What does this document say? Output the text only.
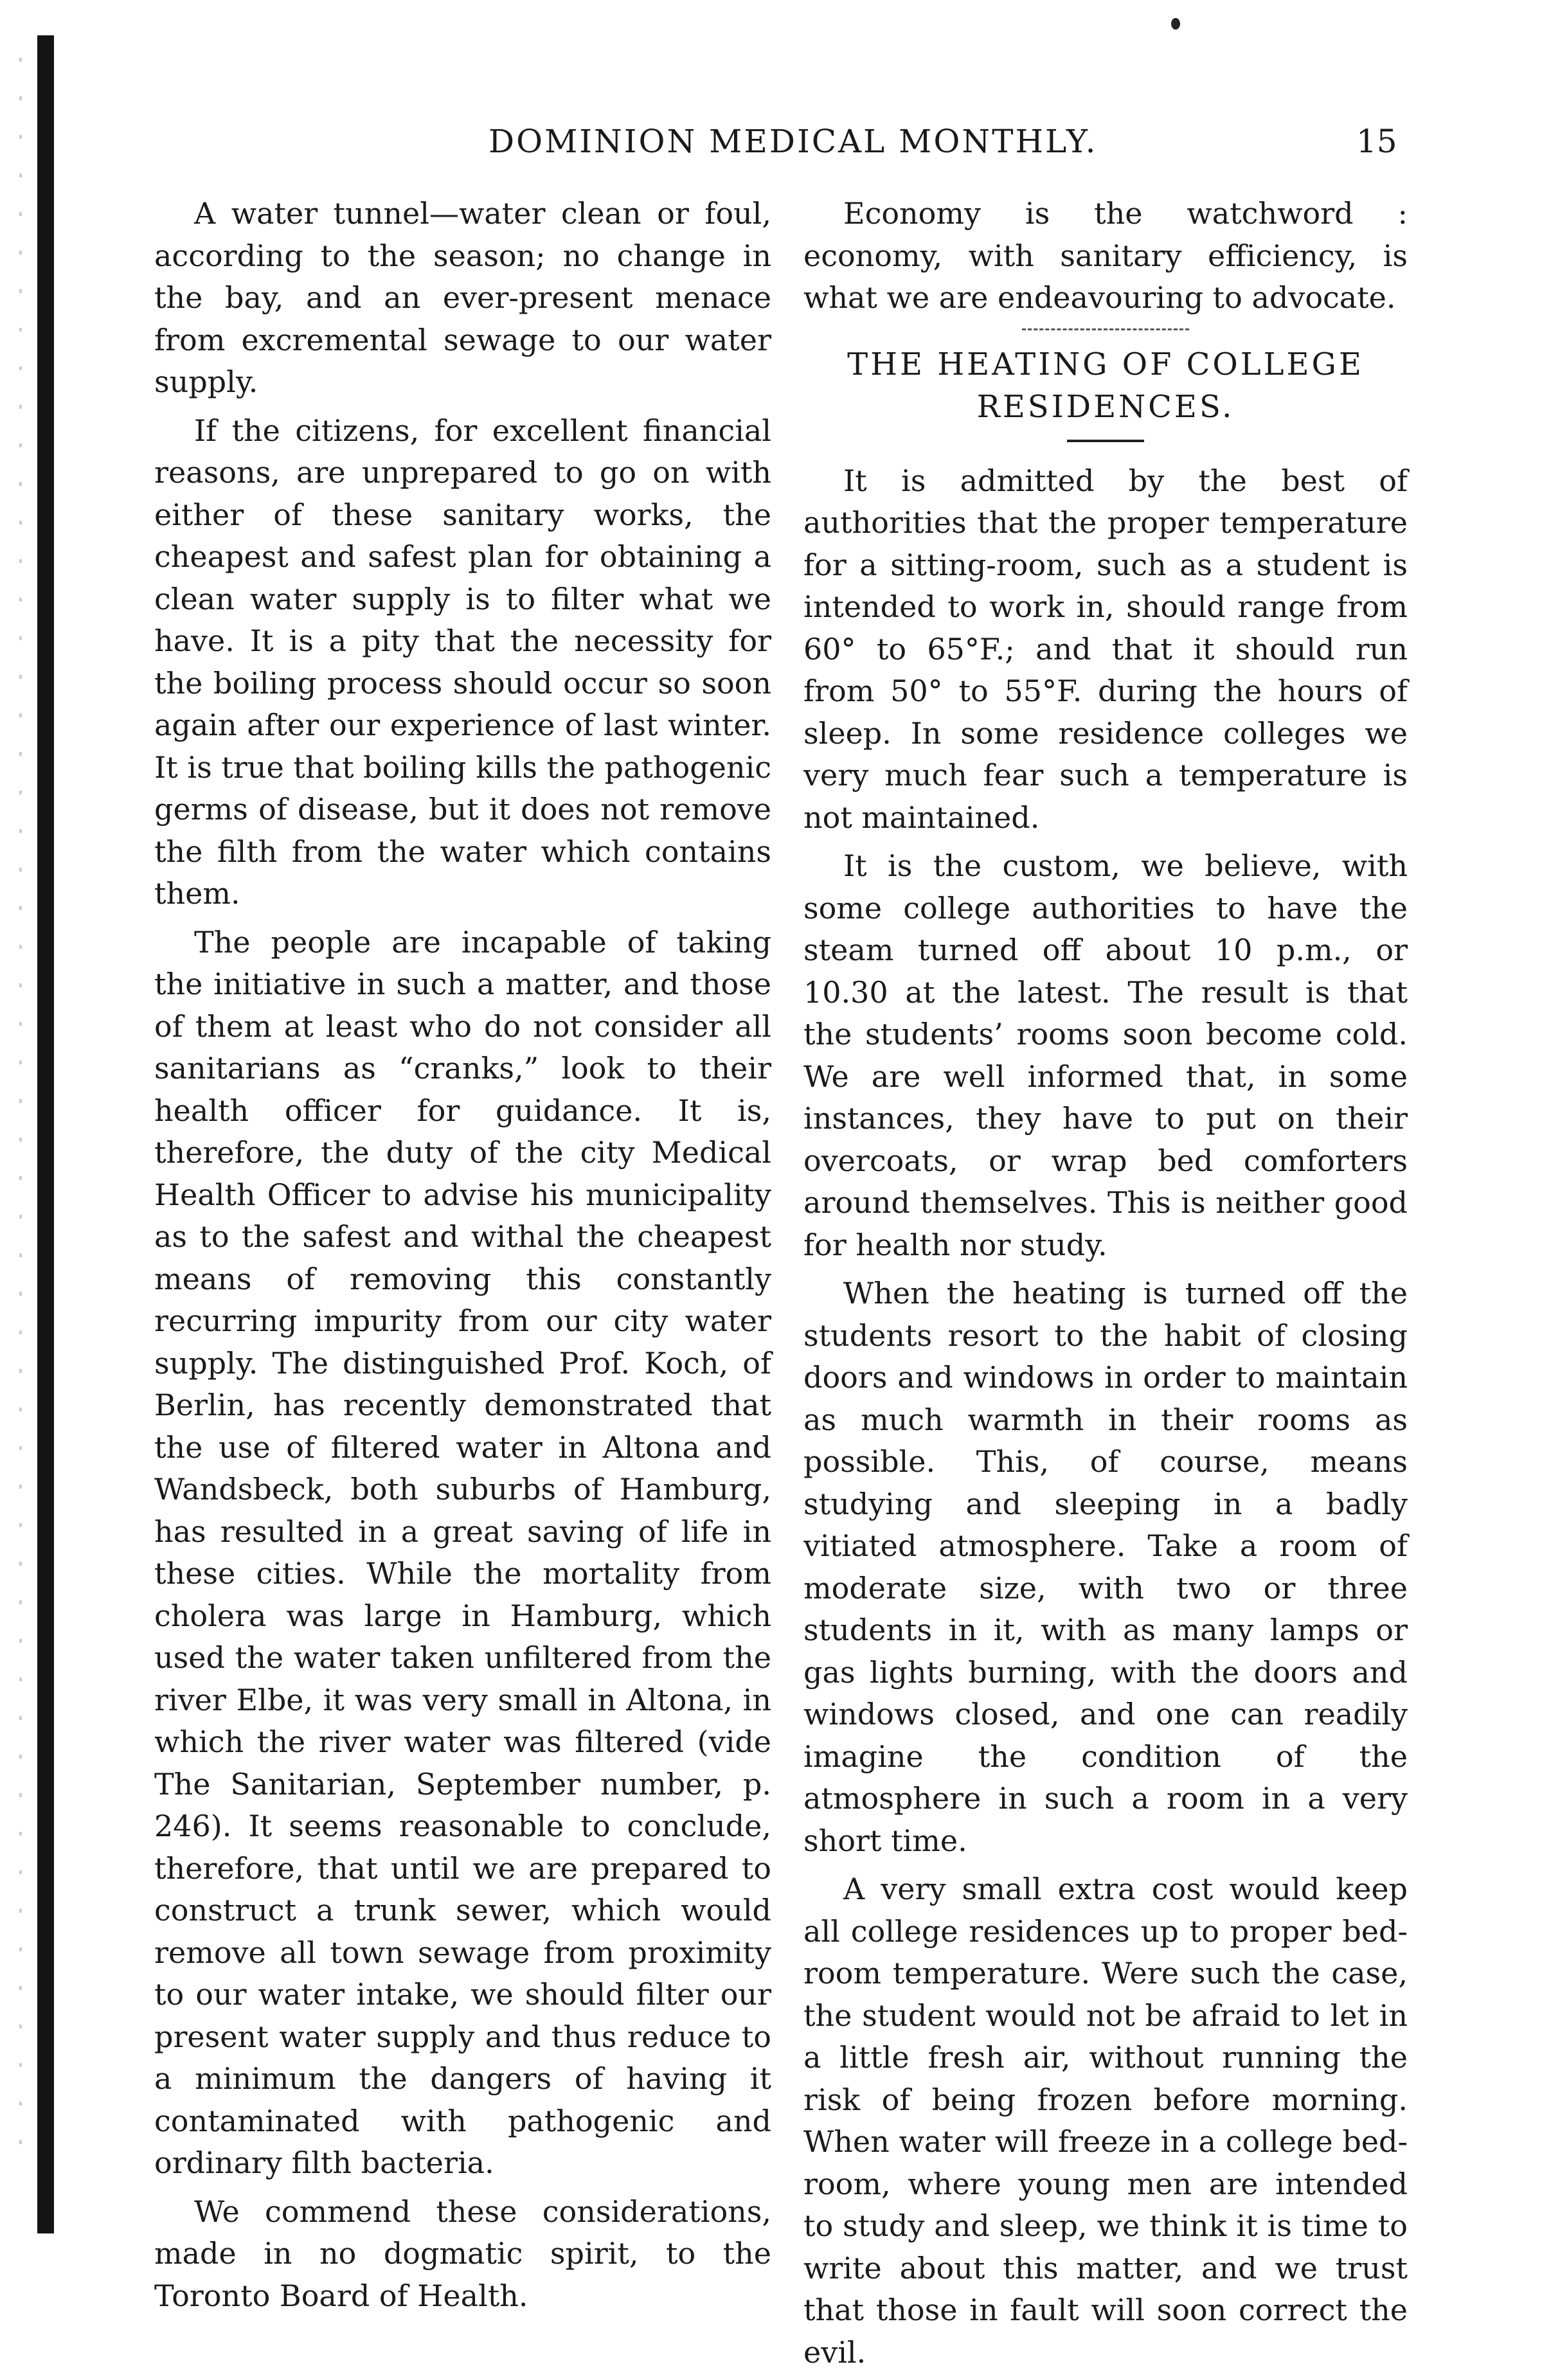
DOMINION MEDICAL MONTHLY.	15

A water tunnel—water clean or foul, according to the season; no change in the bay, and an ever-present menace from excremental sewage to our water supply.

If the citizens, for excellent financial reasons, are unprepared to go on with either of these sanitary works, the cheapest and safest plan for obtaining a clean water supply is to filter what we have. It is a pity that the necessity for the boiling process should occur so soon again after our experience of last winter. It is true that boiling kills the pathogenic germs of disease, but it does not remove the filth from the water which contains them.

The people are incapable of taking the initiative in such a matter, and those of them at least who do not consider all sanitarians as “cranks,” look to their health officer for guidance. It is, therefore, the duty of the city Medical Health Officer to advise his municipality as to the safest and withal the cheapest means of removing this constantly recurring impurity from our city water supply. The distinguished Prof. Koch, of Berlin, has recently demonstrated that the use of filtered water in Altona and Wandsbeck, both suburbs of Hamburg, has resulted in a great saving of life in these cities. While the mortality from cholera was large in Hamburg, which used the water taken unfiltered from the river Elbe, it was very small in Altona, in which the river water was filtered (vide The Sanitarian, September number, p. 246). It seems reasonable to conclude, therefore, that until we are prepared to construct a trunk sewer, which would remove all town sewage from proximity to our water intake, we should filter our present water supply and thus reduce to a minimum the dangers of having it contaminated with pathogenic and ordinary filth bacteria.

We commend these considerations, made in no dogmatic spirit, to the Toronto Board of Health.

Economy is the watchword : economy, with sanitary efficiency, is what we are endeavouring to advocate.

THE HEATING OF COLLEGE RESIDENCES.

It is admitted by the best of authorities that the proper temperature for a sitting-room, such as a student is intended to work in, should range from 60° to 65°F.; and that it should run from 50° to 55°F. during the hours of sleep. In some residence colleges we very much fear such a temperature is not maintained.

It is the custom, we believe, with some college authorities to have the steam turned off about 10 p.m., or 10.30 at the latest. The result is that the students’ rooms soon become cold. We are well informed that, in some instances, they have to put on their overcoats, or wrap bed comforters around themselves. This is neither good for health nor study.

When the heating is turned off the students resort to the habit of closing doors and windows in order to maintain as much warmth in their rooms as possible. This, of course, means studying and sleeping in a badly vitiated atmosphere. Take a room of moderate size, with two or three students in it, with as many lamps or gas lights burning, with the doors and windows closed, and one can readily imagine the condition of the atmosphere in such a room in a very short time.

A very small extra cost would keep all college residences up to proper bed-room temperature. Were such the case, the student would not be afraid to let in a little fresh air, without running the risk of being frozen before morning. When water will freeze in a college bed-room, where young men are intended to study and sleep, we think it is time to write about this matter, and we trust that those in fault will soon correct the evil.
